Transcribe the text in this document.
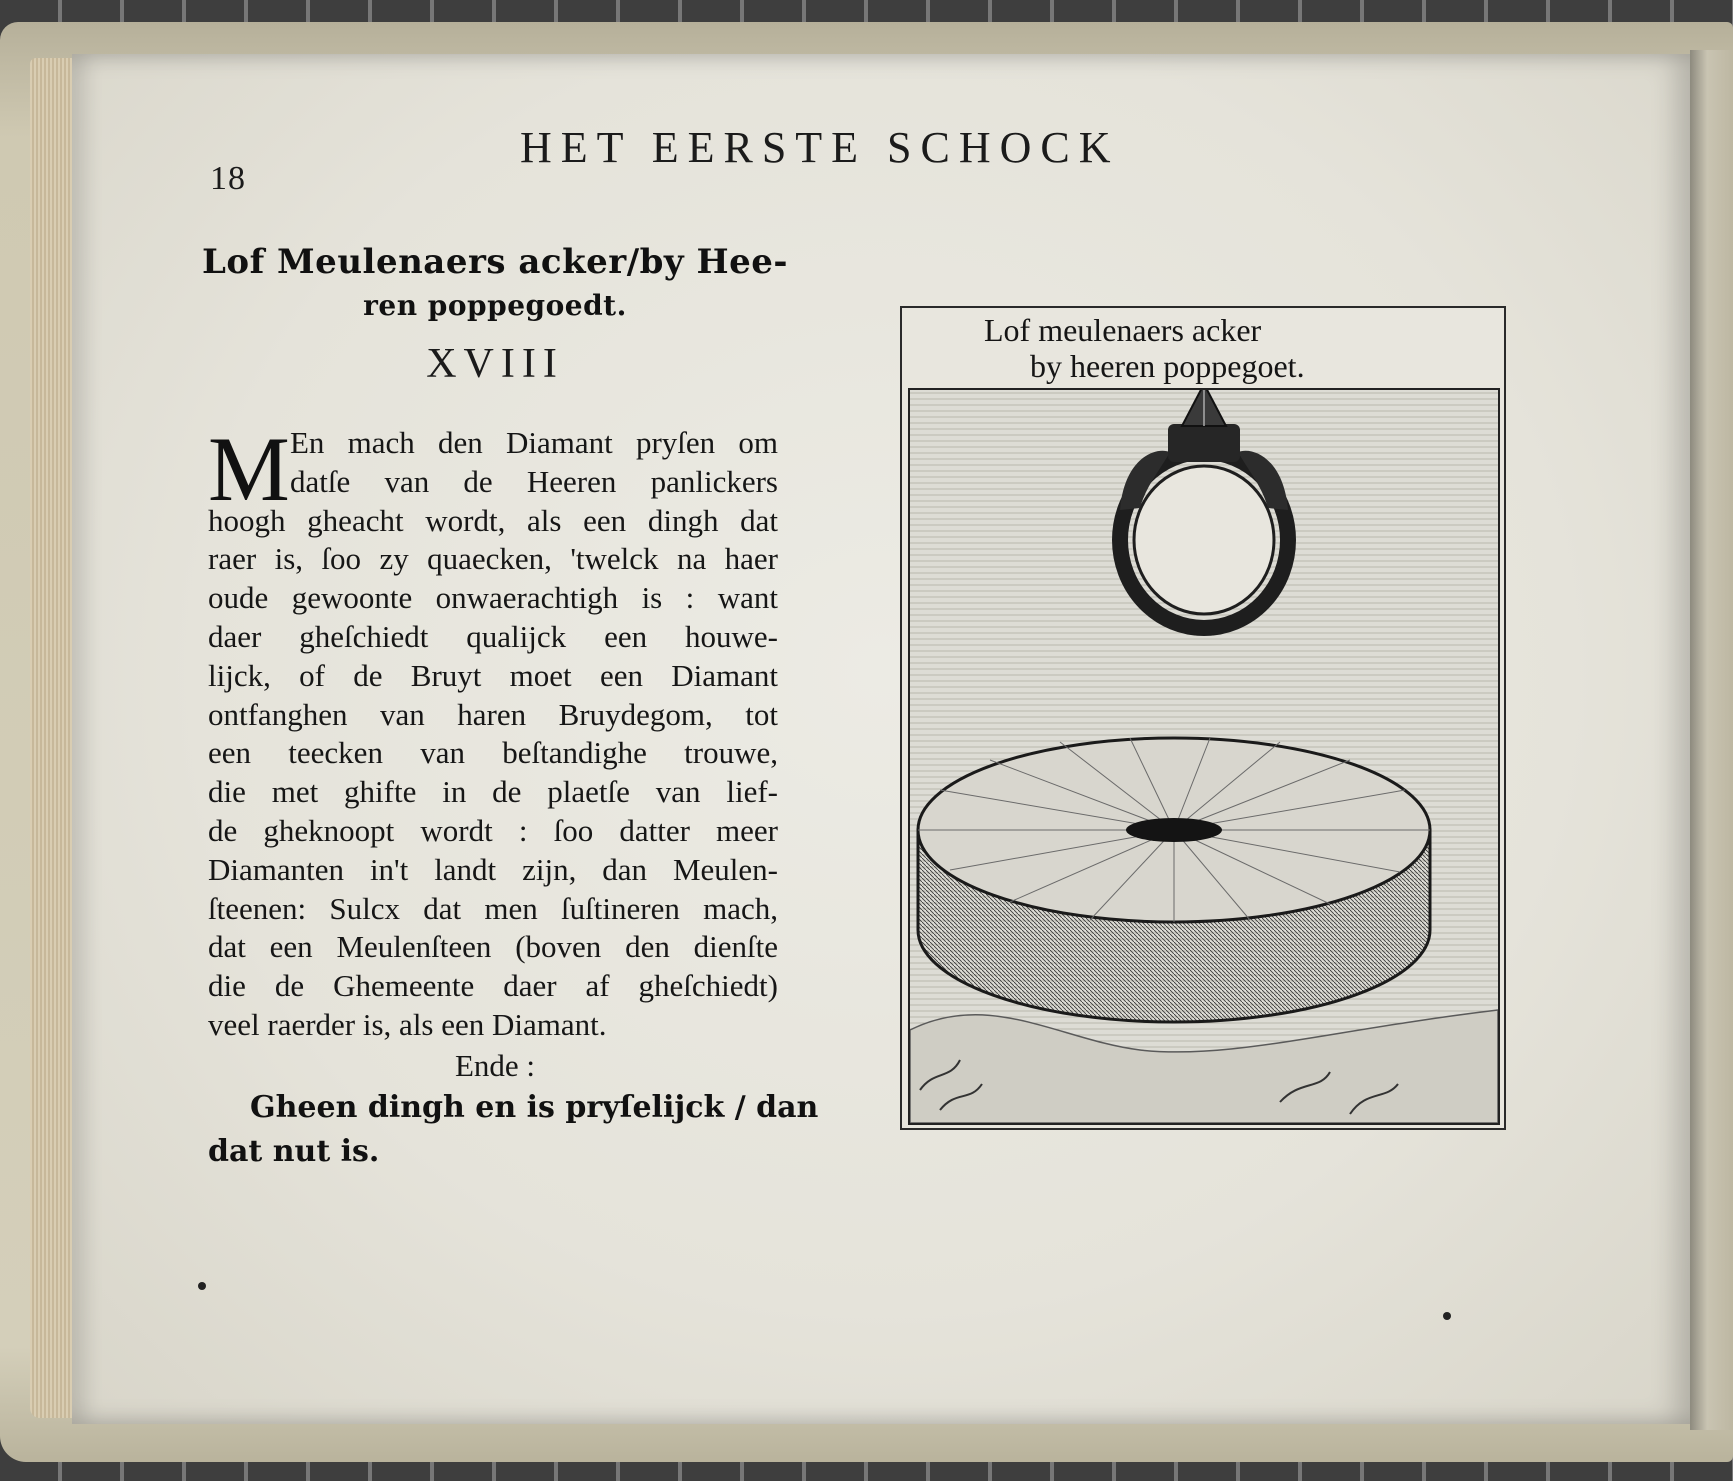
18
HET EERSTE SCHOCK
Lof Meulenaers acker/by Hee-
ren poppegoedt.
XVIII
M En mach den Diamant pryſen om
datſe van de Heeren panlickers
hoogh gheacht wordt, als een dingh dat
raer is, ſoo zy quaecken, 'twelck na haer
oude gewoonte onwaerachtigh is : want
daer gheſchiedt qualijck een houwe-
lijck, of de Bruyt moet een Diamant
ontfanghen van haren Bruydegom, tot
een teecken van beſtandighe trouwe,
die met ghifte in de plaetſe van lief-
de gheknoopt wordt : ſoo datter meer
Diamanten in't landt zijn, dan Meulen-
ſteenen: Sulcx dat men ſuſtineren mach,
dat een Meulenſteen (boven den dienſte
die de Ghemeente daer af gheſchiedt)
veel raerder is, als een Diamant.
Ende :
Gheen dingh en is pryſelijck / dan
dat nut is.
Lof meulenaers acker
by heeren poppegoet.
